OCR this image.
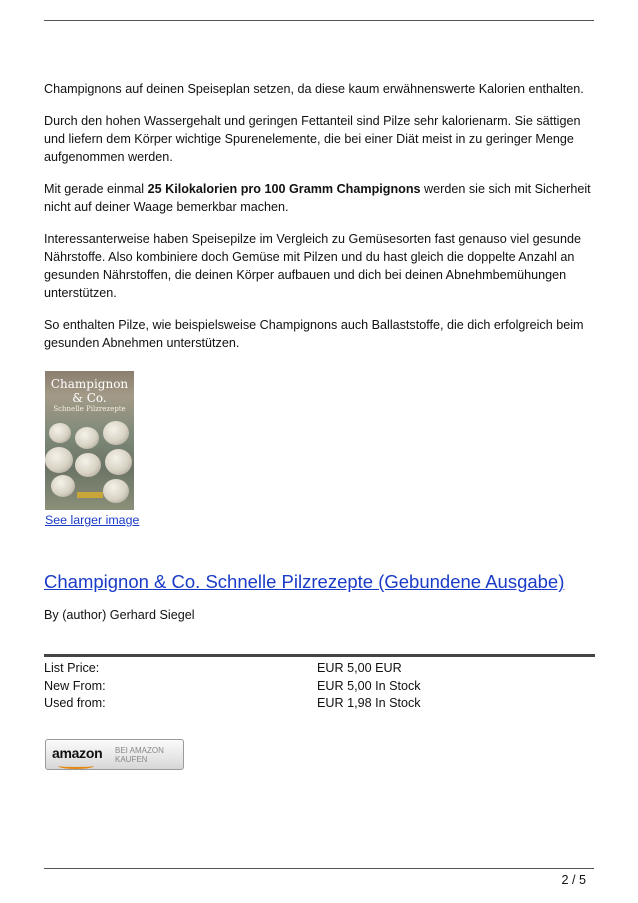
Champignons auf deinen Speiseplan setzen, da diese kaum erwähnenswerte Kalorien enthalten.

Durch den hohen Wassergehalt und geringen Fettanteil sind Pilze sehr kalorienarm. Sie sättigen und liefern dem Körper wichtige Spurenelemente, die bei einer Diät meist in zu geringer Menge aufgenommen werden.

Mit gerade einmal 25 Kilokalorien pro 100 Gramm Champignons werden sie sich mit Sicherheit nicht auf deiner Waage bemerkbar machen.

Interessanterweise haben Speisepilze im Vergleich zu Gemüsesorten fast genauso viel gesunde Nährstoffe. Also kombiniere doch Gemüse mit Pilzen und du hast gleich die doppelte Anzahl an gesunden Nährstoffen, die deinen Körper aufbauen und dich bei deinen Abnehmbemühungen unterstützen.

So enthalten Pilze, wie beispielsweise Champignons auch Ballaststoffe, die dich erfolgreich beim gesunden Abnehmen unterstützen.

Champignon & Co.
Schnelle Pilzrezepte
See larger image
Champignon & Co. Schnelle Pilzrezepte (Gebundene Ausgabe)
By (author) Gerhard Siegel
List Price:	EUR 5,00 EUR
New From:	EUR 5,00 In Stock
Used from:	EUR 1,98 In Stock
amazon BEI AMAZON
KAUFEN
2 / 5
